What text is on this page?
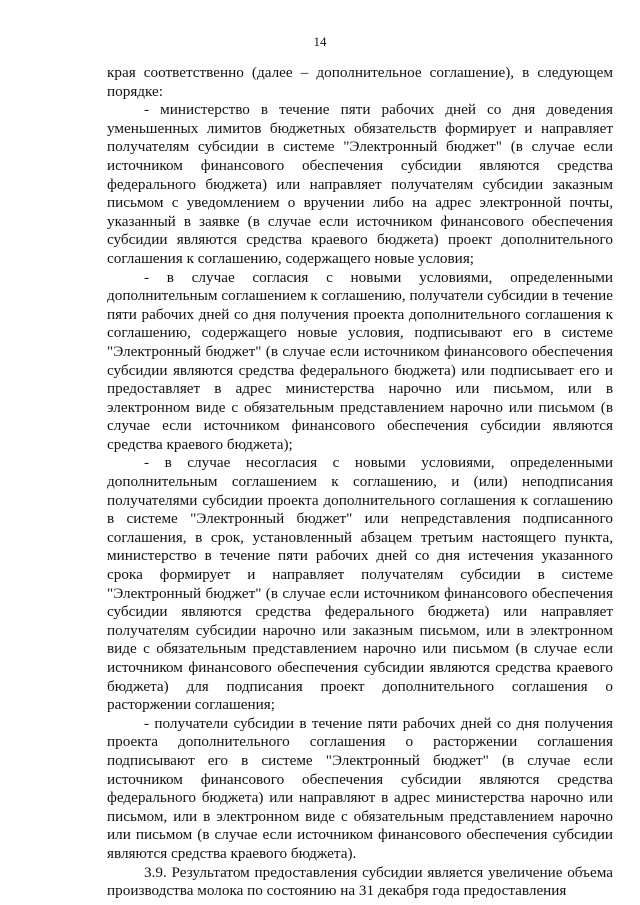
14

края соответственно (далее – дополнительное соглашение), в следующем порядке:

- министерство в течение пяти рабочих дней со дня доведения уменьшенных лимитов бюджетных обязательств формирует и направляет получателям субсидии в системе "Электронный бюджет" (в случае если источником финансового обеспечения субсидии являются средства федерального бюджета) или направляет получателям субсидии заказным письмом с уведомлением о вручении либо на адрес электронной почты, указанный в заявке (в случае если источником финансового обеспечения субсидии являются средства краевого бюджета) проект дополнительного соглашения к соглашению, содержащего новые условия;

- в случае согласия с новыми условиями, определенными дополнительным соглашением к соглашению, получатели субсидии в течение пяти рабочих дней со дня получения проекта дополнительного соглашения к соглашению, содержащего новые условия, подписывают его в системе "Электронный бюджет" (в случае если источником финансового обеспечения субсидии являются средства федерального бюджета) или подписывает его и предоставляет в адрес министерства нарочно или письмом, или в электронном виде с обязательным представлением нарочно или письмом (в случае если источником финансового обеспечения субсидии являются средства краевого бюджета);

- в случае несогласия с новыми условиями, определенными дополнительным соглашением к соглашению, и (или) неподписания получателями субсидии проекта дополнительного соглашения к соглашению в системе "Электронный бюджет" или непредставления подписанного соглашения, в срок, установленный абзацем третьим настоящего пункта, министерство в течение пяти рабочих дней со дня истечения указанного срока формирует и направляет получателям субсидии в системе "Электронный бюджет" (в случае если источником финансового обеспечения субсидии являются средства федерального бюджета) или направляет получателям субсидии нарочно или заказным письмом, или в электронном виде с обязательным представлением нарочно или письмом (в случае если источником финансового обеспечения субсидии являются средства краевого бюджета) для подписания проект дополнительного соглашения о расторжении соглашения;

- получатели субсидии в течение пяти рабочих дней со дня получения проекта дополнительного соглашения о расторжении соглашения подписывают его в системе "Электронный бюджет" (в случае если источником финансового обеспечения субсидии являются средства федерального бюджета) или направляют в адрес министерства нарочно или письмом, или в электронном виде с обязательным представлением нарочно или письмом (в случае если источником финансового обеспечения субсидии являются средства краевого бюджета).

3.9. Результатом предоставления субсидии является увеличение объема производства молока по состоянию на 31 декабря года предоставления
